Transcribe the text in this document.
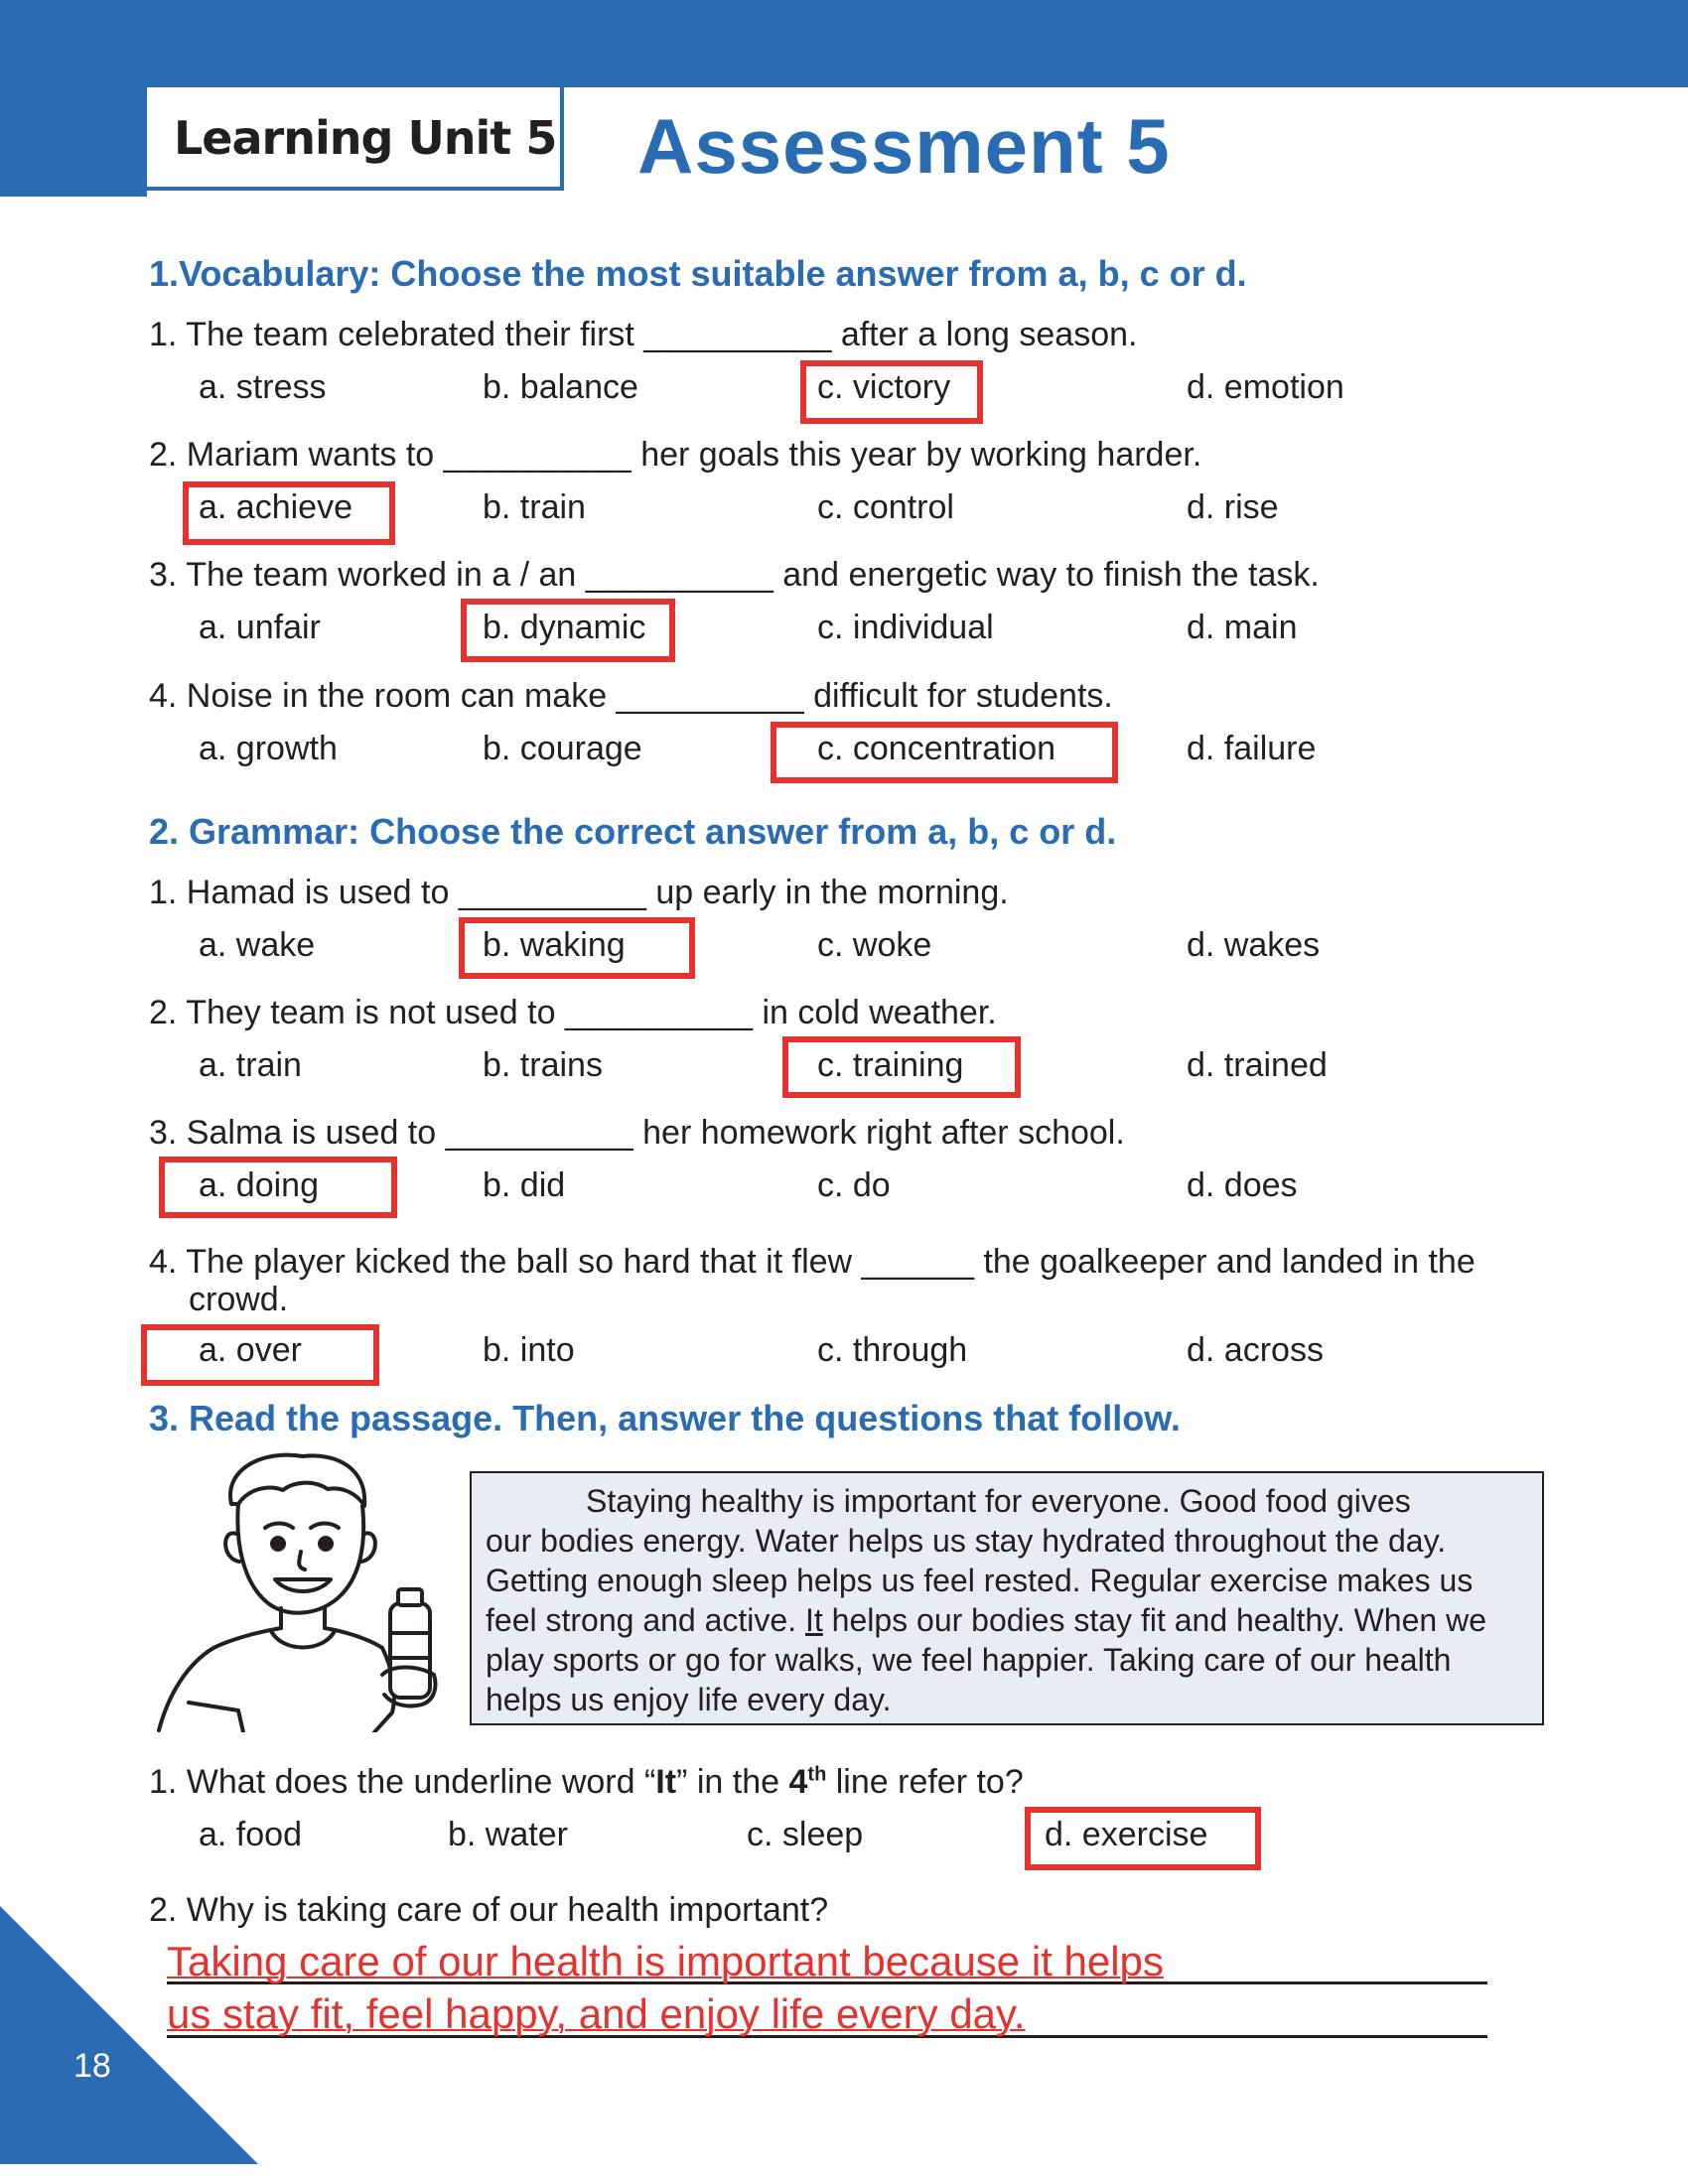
Learning Unit 5 Assessment 5
1.Vocabulary: Choose the most suitable answer from a, b, c or d.
1. The team celebrated their first __________ after a long season.
a. stress	b. balance	c. victory	d. emotion
2. Mariam wants to __________ her goals this year by working harder.
a. achieve	b. train	c. control	d. rise
3. The team worked in a / an __________ and energetic way to finish the task.
a. unfair	b. dynamic	c. individual	d. main
4. Noise in the room can make __________ difficult for students.
a. growth	b. courage	c. concentration	d. failure
2. Grammar: Choose the correct answer from a, b, c or d.
1. Hamad is used to __________ up early in the morning.
a. wake	b. waking	c. woke	d. wakes
2. They team is not used to __________ in cold weather.
a. train	b. trains	c. training	d. trained
3. Salma is used to __________ her homework right after school.
a. doing	b. did	c. do	d. does
4. The player kicked the ball so hard that it flew ______ the goalkeeper and landed in the
crowd.
a. over	b. into	c. through	d. across
3. Read the passage. Then, answer the questions that follow.
Staying healthy is important for everyone. Good food gives
our bodies energy. Water helps us stay hydrated throughout the day.
Getting enough sleep helps us feel rested. Regular exercise makes us
feel strong and active. It helps our bodies stay fit and healthy. When we
play sports or go for walks, we feel happier. Taking care of our health
helps us enjoy life every day.
1. What does the underline word “It” in the 4th line refer to?
a. food	b. water	c. sleep	d. exercise
2. Why is taking care of our health important?
Taking care of our health is important because it helps
us stay fit, feel happy, and enjoy life every day.
18
